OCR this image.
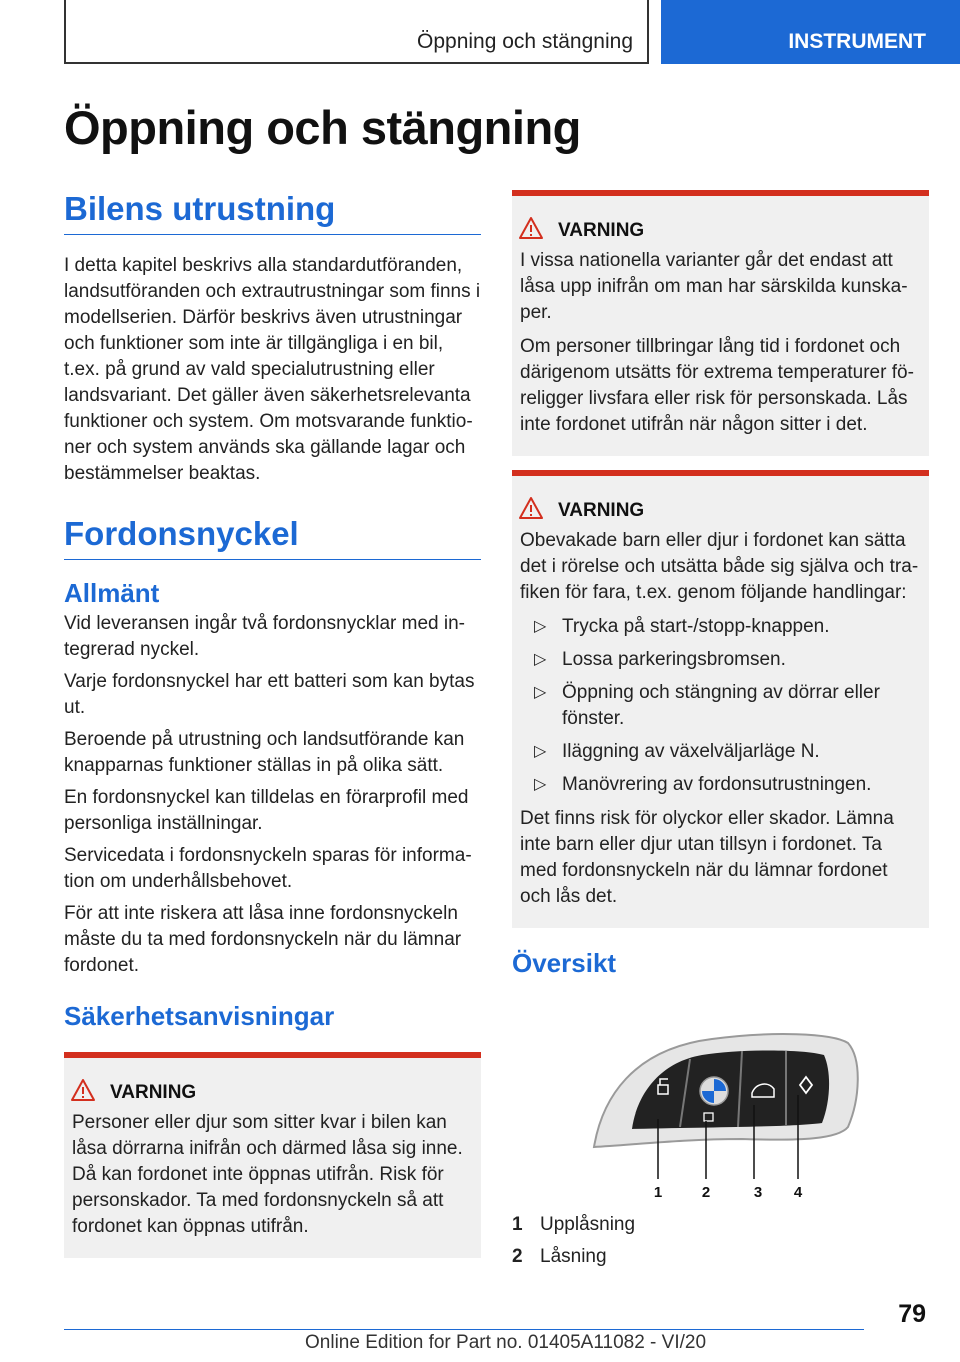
Öppning och stängning	INSTRUMENT
Öppning och stängning
Bilens utrustning

I detta kapitel beskrivs alla standardutföranden, landsutföranden och extrautrustningar som finns i modellserien. Därför beskrivs även utrustningar och funktioner som inte är tillgängliga i en bil, t.ex. på grund av vald specialutrustning eller landsvariant. Det gäller även säkerhetsrelevanta funktioner och system. Om motsvarande funktioner och system används ska gällande lagar och bestämmelser beaktas.

Fordonsnyckel
Allmänt

Vid leveransen ingår två fordonsnycklar med integrerad nyckel.

Varje fordonsnyckel har ett batteri som kan bytas ut.

Beroende på utrustning och landsutförande kan knapparnas funktioner ställas in på olika sätt.

En fordonsnyckel kan tilldelas en förarprofil med personliga inställningar.

Servicedata i fordonsnyckeln sparas för information om underhållsbehovet.

För att inte riskera att låsa inne fordonsnyckeln måste du ta med fordonsnyckeln när du lämnar fordonet.

Säkerhetsanvisningar
VARNING

Personer eller djur som sitter kvar i bilen kan låsa dörrarna inifrån och därmed låsa sig inne. Då kan fordonet inte öppnas utifrån. Risk för personskador. Ta med fordonsnyckeln så att fordonet kan öppnas utifrån.

VARNING

I vissa nationella varianter går det endast att låsa upp inifrån om man har särskilda kunskaper.

Om personer tillbringar lång tid i fordonet och därigenom utsätts för extrema temperaturer föreligger livsfara eller risk för personskada. Lås inte fordonet utifrån när någon sitter i det.

VARNING

Obevakade barn eller djur i fordonet kan sätta det i rörelse och utsätta både sig själva och trafiken för fara, t.ex. genom följande handlingar:

▷ Trycka på start-/stopp-knappen.
▷ Lossa parkeringsbromsen.
▷ Öppning och stängning av dörrar eller fönster.
▷ Iläggning av växelväljarläge N.
▷ Manövrering av fordonsutrustningen.

Det finns risk för olyckor eller skador. Lämna inte barn eller djur utan tillsyn i fordonet. Ta med fordonsnyckeln när du lämnar fordonet och lås det.

Översikt
1	2	3 4
1 Upplåsning
2 Låsning
79
Online Edition for Part no. 01405A11082 - VI/20
